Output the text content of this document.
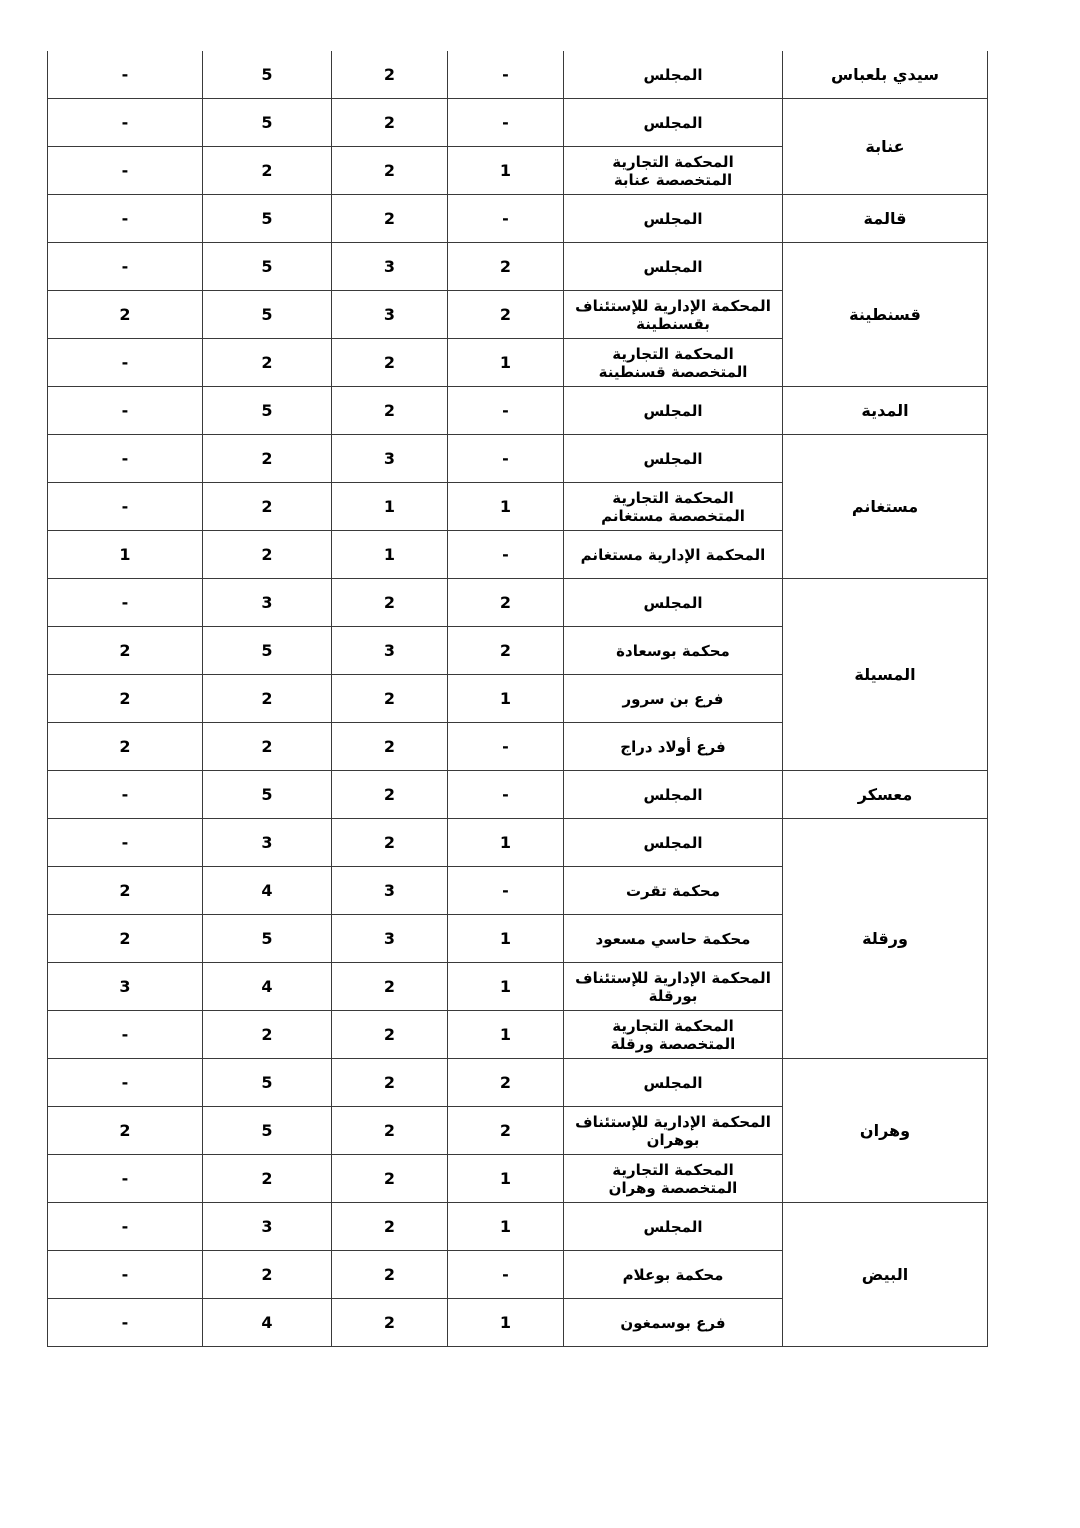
-	5	2	-	المجلس	سيدي بلعباس
-	5	2	-	المجلس	عنابة
-	2	2	1	المحكمة التجارية المتخصصة عنابة	
-	5	2	-	المجلس	قالمة
-	5	3	2	المجلس	قسنطينة
2	5	3	2	المحكمة الإدارية للإستئناف بقسنطينة	
-	2	2	1	المحكمة التجارية المتخصصة قسنطينة	
-	5	2	-	المجلس	المدية
-	2	3	-	المجلس	مستغانم
-	2	1	1	المحكمة التجارية المتخصصة مستغانم	
1	2	1	-	المحكمة الإدارية مستغانم	
-	3	2	2	المجلس	المسيلة
2	5	3	2	محكمة بوسعادة	
2	2	2	1	فرع بن سرور	
2	2	2	-	فرع أولاد دراج	
-	5	2	-	المجلس	معسكر
-	3	2	1	المجلس	ورقلة
2	4	3	-	محكمة تقرت	
2	5	3	1	محكمة حاسي مسعود	
3	4	2	1	المحكمة الإدارية للإستئناف بورقلة	
-	2	2	1	المحكمة التجارية المتخصصة ورقلة	
-	5	2	2	المجلس	وهران
2	5	2	2	المحكمة الإدارية للإستئناف بوهران	
-	2	2	1	المحكمة التجارية المتخصصة وهران	
-	3	2	1	المجلس	البيض
-	2	2	-	محكمة بوعلام	
-	4	2	1	فرع بوسمغون	
